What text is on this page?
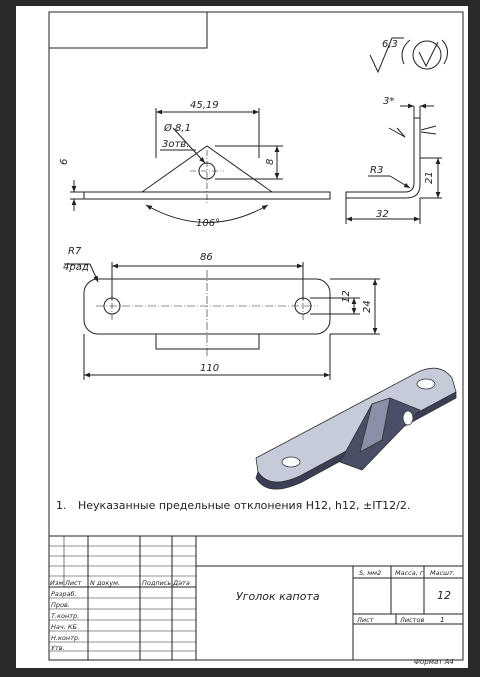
6,3
45,19
Ø 8,1
3отв.
8
6
106°
3*
R3
21
32
R7
4рад
86
12
24
110
Изм Лист N докум.	Подпись Дата
Разраб.
Пров.
Т.контр.
Нач. КБ
Н.контр.
Утв.
Уголок капота
S, мм2 Масса, г Масшт.
12
Лист	Листов 1
1. Неуказанные предельные отклонения H12, h12, ±IT12/2.
Формат А4
